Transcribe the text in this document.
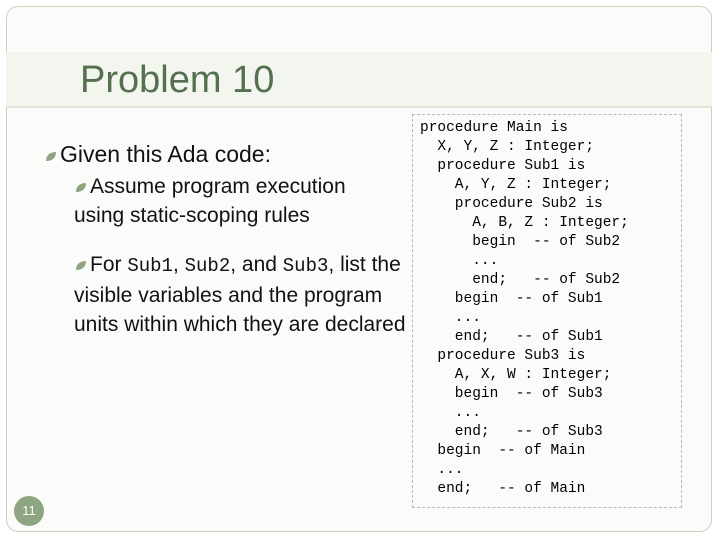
Problem 10
Given this Ada code:
Assume program execution using static-scoping rules
For Sub1, Sub2, and Sub3, list the visible variables and the program units within which they are declared
procedure Main is
X, Y, Z : Integer;
procedure Sub1 is
A, Y, Z : Integer;
procedure Sub2 is
A, B, Z : Integer;
begin  -- of Sub2
...
end;   -- of Sub2
begin  -- of Sub1
...
end;   -- of Sub1
procedure Sub3 is
A, X, W : Integer;
begin  -- of Sub3
...
end;   -- of Sub3
begin  -- of Main
...
end;   -- of Main
11
